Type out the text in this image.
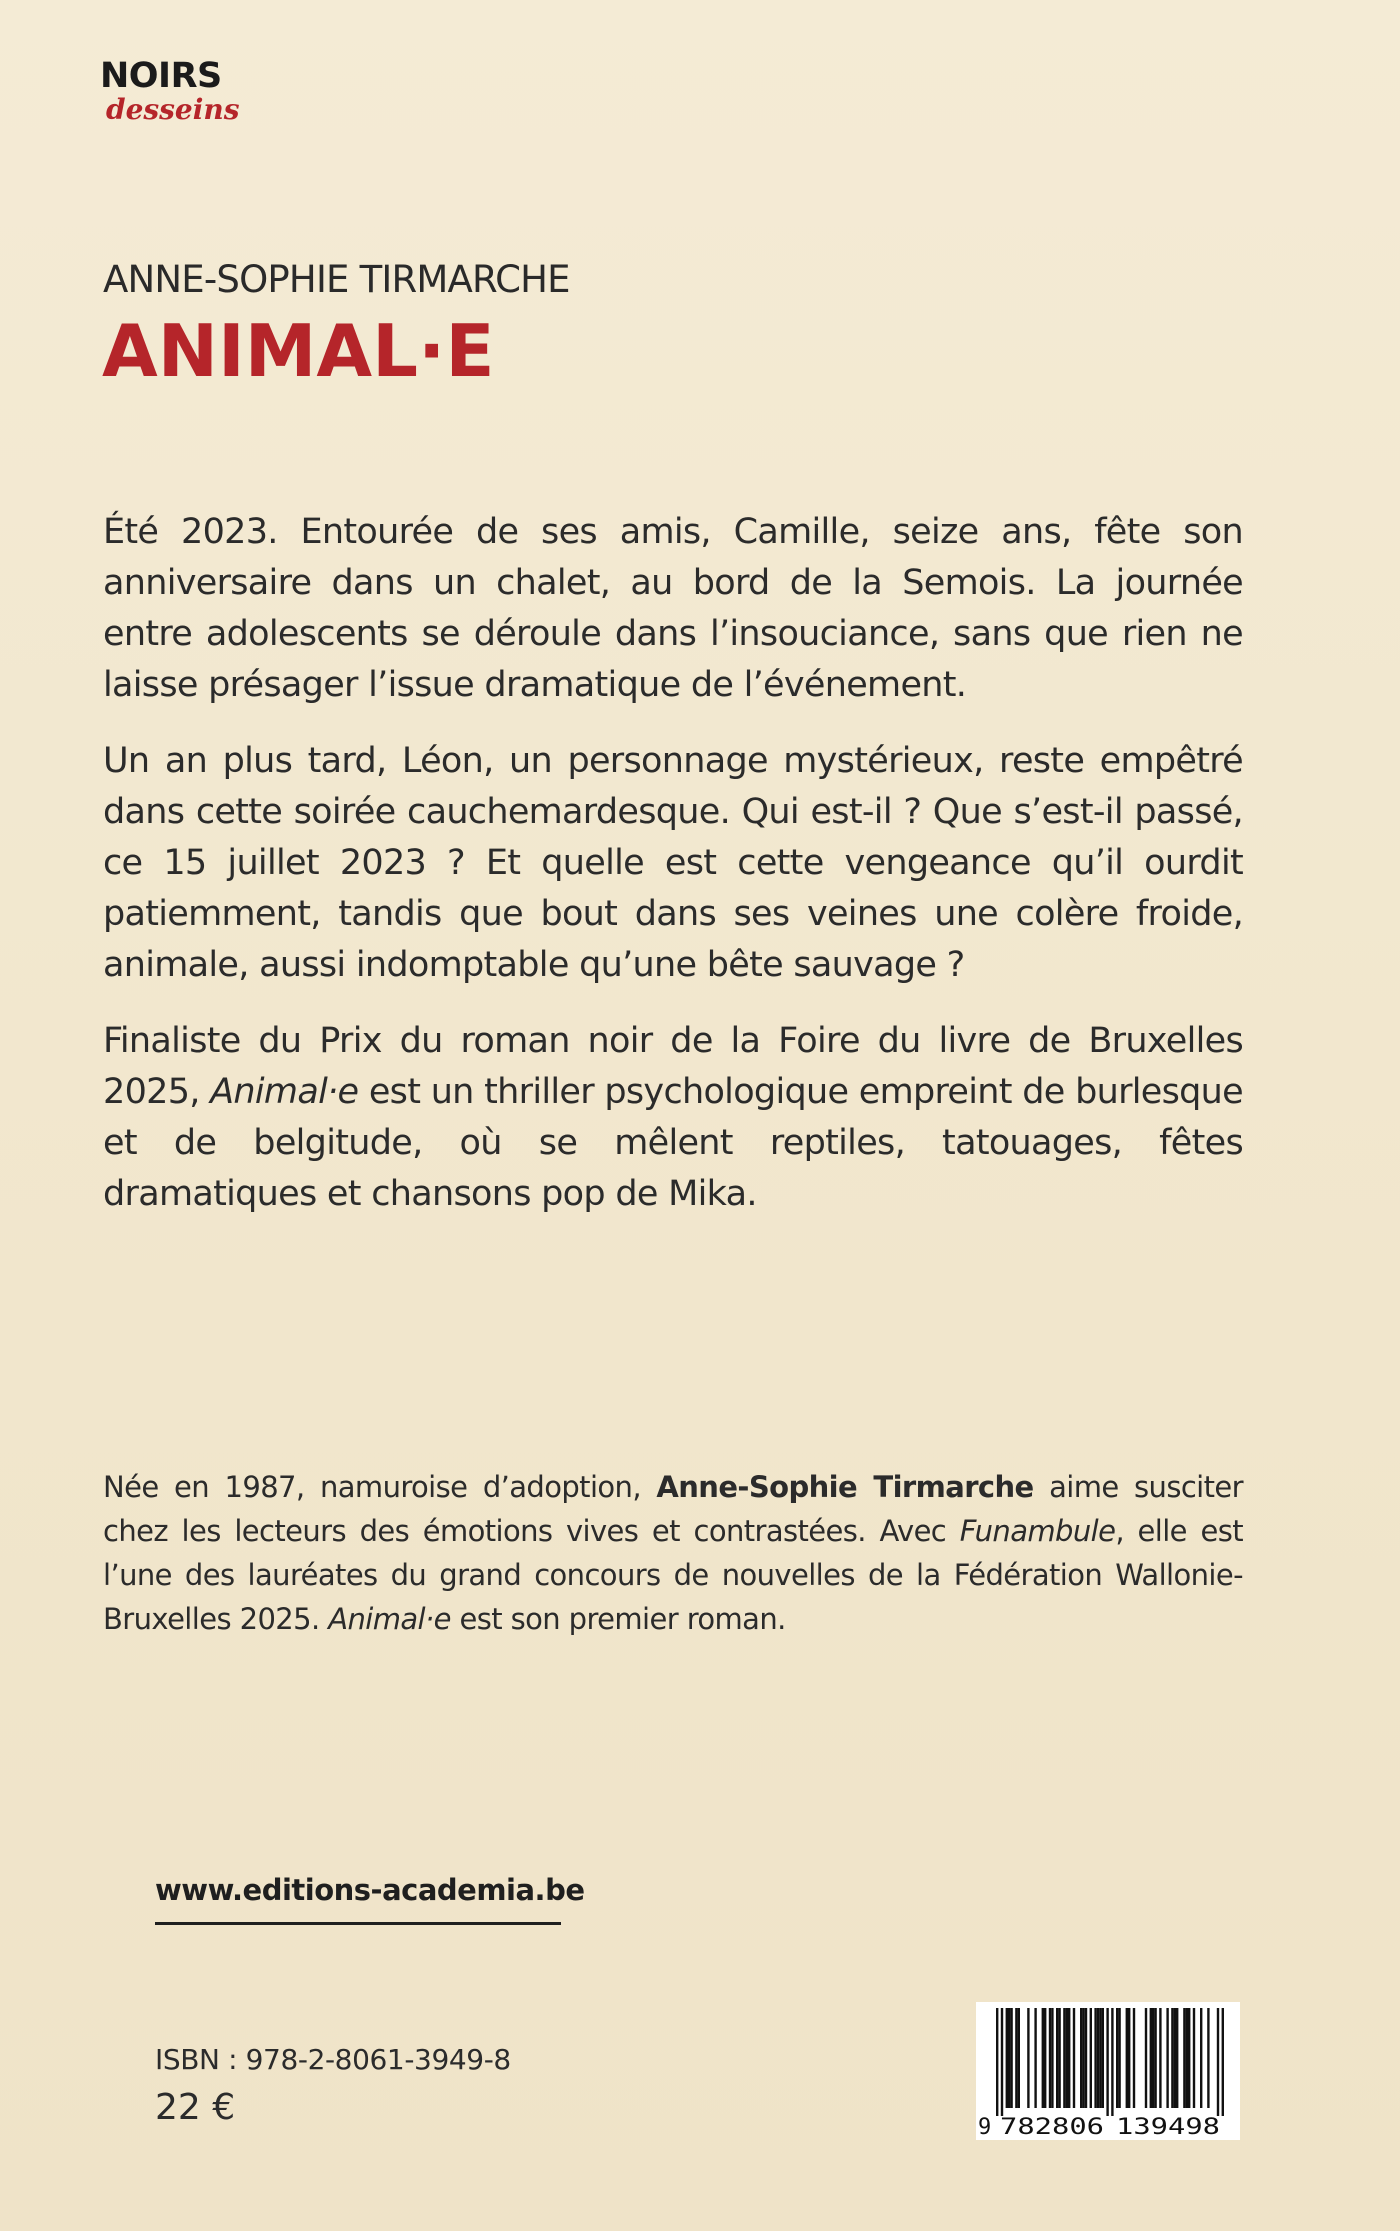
NOIRS
desseins
ANNE-SOPHIE TIRMARCHE
ANIMAL·E

Été 2023. Entourée de ses amis, Camille, seize ans, fête son anniversaire dans un chalet, au bord de la Semois. La journée entre adolescents se déroule dans l’insouciance, sans que rien ne laisse présager l’issue dramatique de l’événement.

Un an plus tard, Léon, un personnage mystérieux, reste empêtré dans cette soirée cauchemardesque. Qui est-il ? Que s’est-il passé, ce 15 juillet 2023 ? Et quelle est cette vengeance qu’il ourdit patiemment, tandis que bout dans ses veines une colère froide, animale, aussi indomptable qu’une bête sauvage ?

Finaliste du Prix du roman noir de la Foire du livre de Bruxelles 2025, Animal·e est un thriller psychologique empreint de burlesque et de belgitude, où se mêlent reptiles, tatouages, fêtes dramatiques et chansons pop de Mika.

Née en 1987, namuroise d’adoption, Anne-Sophie Tirmarche aime susciter chez les lecteurs des émotions vives et contrastées. Avec Funambule, elle est l’une des lauréates du grand concours de nouvelles de la Fédération Wallonie-Bruxelles 2025. Animal·e est son premier roman.

www.editions-academia.be
ISBN : 978-2-8061-3949-8
22 €	9 782806 139498
